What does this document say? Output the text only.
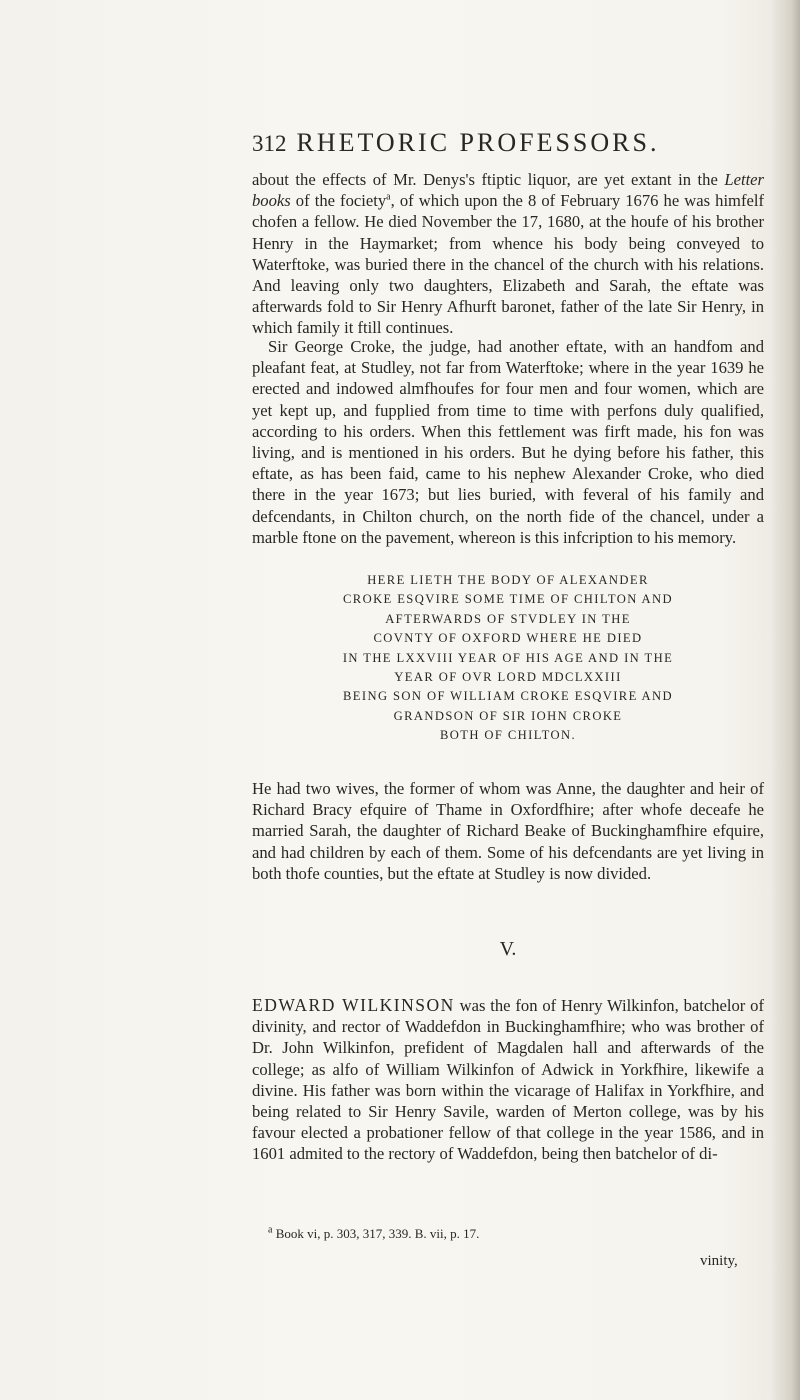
312 RHETORIC PROFESSORS.
about the effects of Mr. Denys's ftiptic liquor, are yet extant in the Letter books of the fociety$^a$, of which upon the 8 of February 1676 he was himfelf chofen a fellow. He died November the 17, 1680, at the houfe of his brother Henry in the Haymarket; from whence his body being conveyed to Waterftoke, was buried there in the chancel of the church with his relations. And leaving only two daughters, Elizabeth and Sarah, the eftate was afterwards fold to Sir Henry Afhurft baronet, father of the late Sir Henry, in which family it ftill continues.
Sir George Croke, the judge, had another eftate, with an handfom and pleafant feat, at Studley, not far from Waterftoke; where in the year 1639 he erected and indowed almfhoufes for four men and four women, which are yet kept up, and fupplied from time to time with perfons duly qualified, according to his orders. When this fettlement was firft made, his fon was living, and is mentioned in his orders. But he dying before his father, this eftate, as has been faid, came to his nephew Alexander Croke, who died there in the year 1673; but lies buried, with feveral of his family and defcendants, in Chilton church, on the north fide of the chancel, under a marble ftone on the pavement, whereon is this infcription to his memory.
HERE LIETH THE BODY OF ALEXANDER
CROKE ESQVIRE SOME TIME OF CHILTON AND
AFTERWARDS OF STVDLEY IN THE
COVNTY OF OXFORD WHERE HE DIED
IN THE LXXVIII YEAR OF HIS AGE AND IN THE
YEAR OF OVR LORD MDCLXXIII
BEING SON OF WILLIAM CROKE ESQVIRE AND
GRANDSON OF SIR IOHN CROKE
BOTH OF CHILTON.
He had two wives, the former of whom was Anne, the daughter and heir of Richard Bracy efquire of Thame in Oxfordfhire; after whofe deceafe he married Sarah, the daughter of Richard Beake of Buckinghamfhire efquire, and had children by each of them. Some of his defcendants are yet living in both thofe counties, but the eftate at Studley is now divided.
V.
EDWARD WILKINSON was the fon of Henry Wilkinfon, batchelor of divinity, and rector of Waddefdon in Buckinghamfhire; who was brother of Dr. John Wilkinfon, prefident of Magdalen hall and afterwards of the college; as alfo of William Wilkinfon of Adwick in Yorkfhire, likewife a divine. His father was born within the vicarage of Halifax in Yorkfhire, and being related to Sir Henry Savile, warden of Merton college, was by his favour elected a probationer fellow of that college in the year 1586, and in 1601 admited to the rectory of Waddefdon, being then batchelor of di-
$^a$ Book vi, p. 303, 317, 339. B. vii, p. 17.
vinity,
